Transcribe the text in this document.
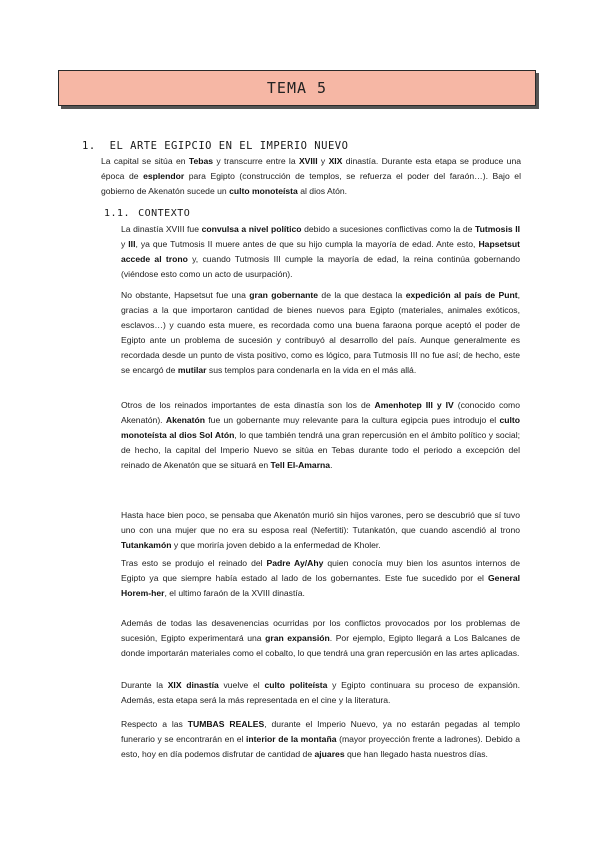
TEMA 5
1. EL ARTE EGIPCIO EN EL IMPERIO NUEVO

La capital se sitúa en Tebas y transcurre entre la XVIII y XIX dinastía. Durante esta etapa se produce una época de esplendor para Egipto (construcción de templos, se refuerza el poder del faraón…). Bajo el gobierno de Akenatón sucede un culto monoteísta al dios Atón.

1.1. CONTEXTO

La dinastía XVIII fue convulsa a nivel político debido a sucesiones conflictivas como la de Tutmosis II y III, ya que Tutmosis II muere antes de que su hijo cumpla la mayoría de edad. Ante esto, Hapsetsut accede al trono y, cuando Tutmosis III cumple la mayoría de edad, la reina continúa gobernando (viéndose esto como un acto de usurpación).

No obstante, Hapsetsut fue una gran gobernante de la que destaca la expedición al país de Punt, gracias a la que importaron cantidad de bienes nuevos para Egipto (materiales, animales exóticos, esclavos…) y cuando esta muere, es recordada como una buena faraona porque aceptó el poder de Egipto ante un problema de sucesión y contribuyó al desarrollo del país. Aunque generalmente es recordada desde un punto de vista positivo, como es lógico, para Tutmosis III no fue así; de hecho, este se encargó de mutilar sus templos para condenarla en la vida en el más allá.

Otros de los reinados importantes de esta dinastía son los de Amenhotep III y IV (conocido como Akenatón). Akenatón fue un gobernante muy relevante para la cultura egipcia pues introdujo el culto monoteísta al dios Sol Atón, lo que también tendrá una gran repercusión en el ámbito político y social; de hecho, la capital del Imperio Nuevo se sitúa en Tebas durante todo el periodo a excepción del reinado de Akenatón que se situará en Tell El-Amarna.

Hasta hace bien poco, se pensaba que Akenatón murió sin hijos varones, pero se descubrió que sí tuvo uno con una mujer que no era su esposa real (Nefertiti): Tutankatón, que cuando ascendió al trono Tutankamón y que moriría joven debido a la enfermedad de Kholer.

Tras esto se produjo el reinado del Padre Ay/Ahy quien conocía muy bien los asuntos internos de Egipto ya que siempre había estado al lado de los gobernantes. Este fue sucedido por el General Horem-her, el ultimo faraón de la XVIII dinastía.

Además de todas las desavenencias ocurridas por los conflictos provocados por los problemas de sucesión, Egipto experimentará una gran expansión. Por ejemplo, Egipto llegará a Los Balcanes de donde importarán materiales como el cobalto, lo que tendrá una gran repercusión en las artes aplicadas.

Durante la XIX dinastía vuelve el culto politeísta y Egipto continuara su proceso de expansión. Además, esta etapa será la más representada en el cine y la literatura.

Respecto a las TUMBAS REALES, durante el Imperio Nuevo, ya no estarán pegadas al templo funerario y se encontrarán en el interior de la montaña (mayor proyección frente a ladrones). Debido a esto, hoy en día podemos disfrutar de cantidad de ajuares que han llegado hasta nuestros días.
